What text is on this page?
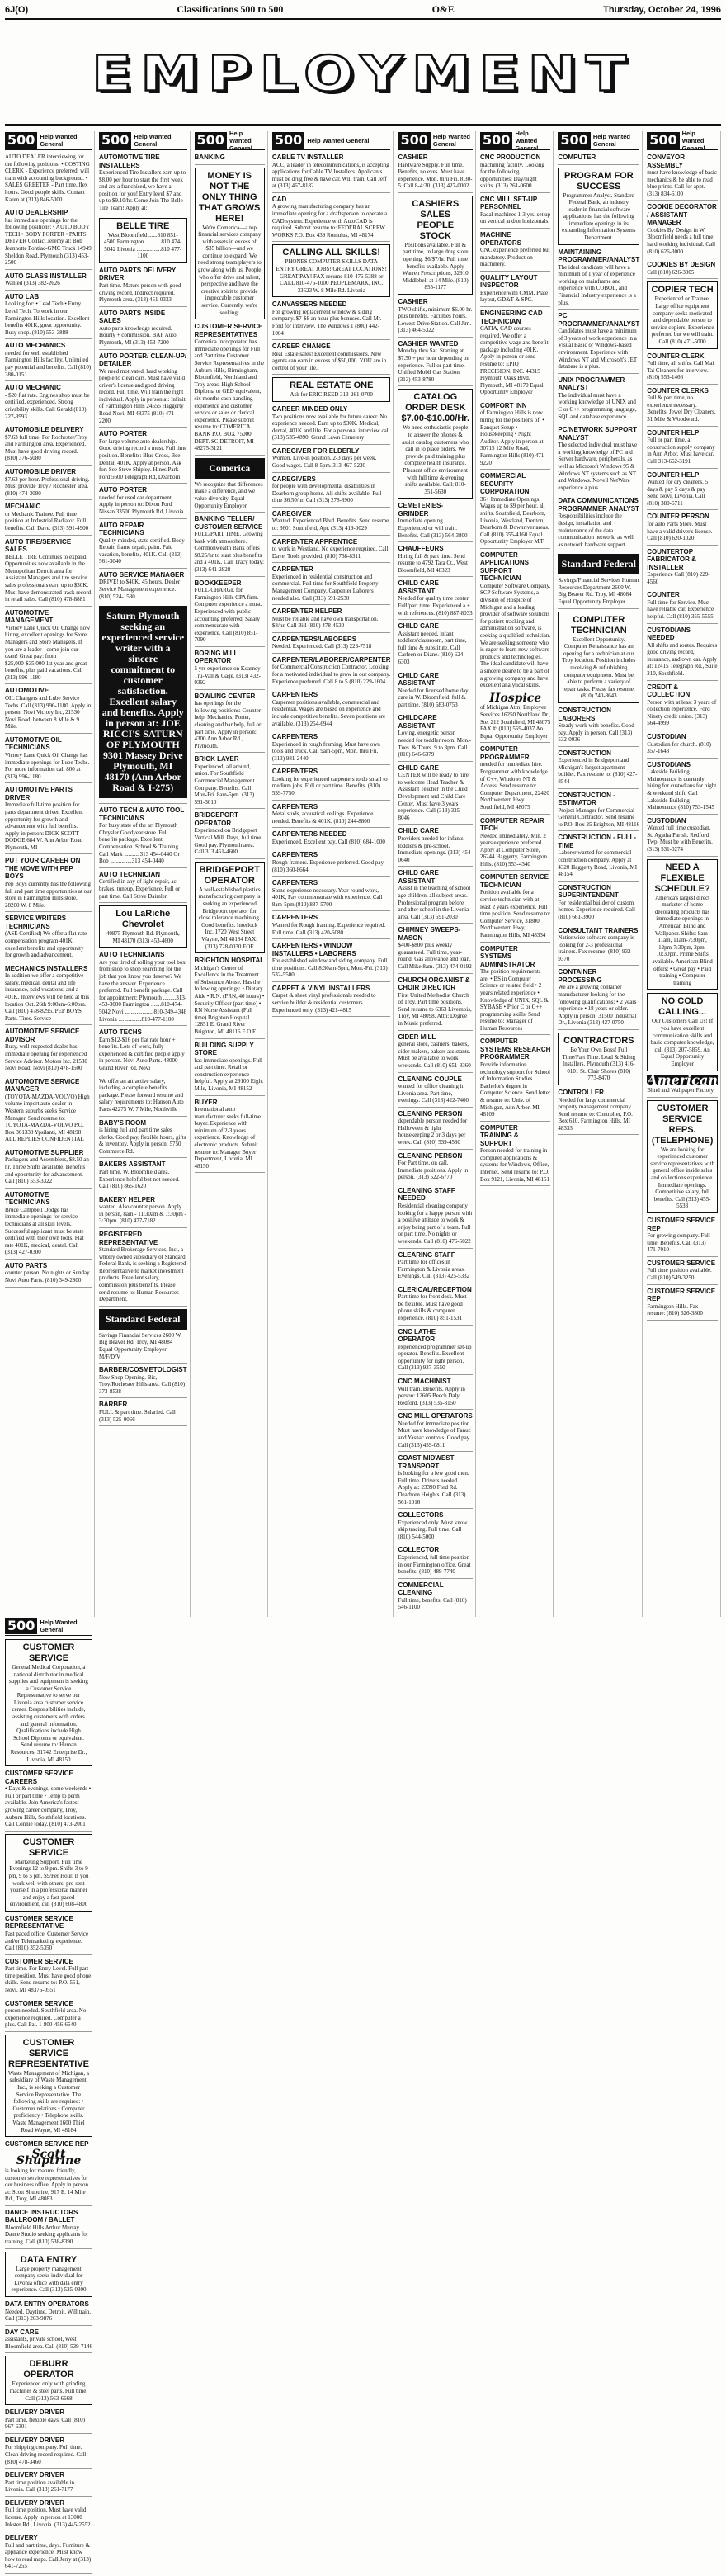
6J(O)	Classifications 500 to 500	O&E	Thursday, October 24, 1996
EMPLOYMENT
500 Help Wanted General
AUTO DEALER interviewing for the following positions: • COSTING CLERK - Experience preferred, will train with accounting background. • SALES GREETER - Part time, flex hours. Good people skills. Contact Karen at (313) 846-5000
AUTO DEALERSHIP
has immediate openings for the following positions: • AUTO BODY TECH • BODY PORTER • PARTS DRIVER Contact Jeremy at: Bob Jeannotte Pontiac-GMC Truck 14949 Sheldon Road, Plymouth (313) 453-2500
AUTO GLASS INSTALLER
Wanted (313) 382-2626
AUTO LAB
Looking for: • Lead Tech • Entry Level Tech. To work in our Farmington Hills location. Excellent benefits 401K, great opportunity. Busy shop. (810) 553-3888
AUTO MECHANICS
needed for well established Farmington Hills facility. Unlimited pay potential and benefits. Call (810) 380-0151
AUTO MECHANIC
- $20 flat rate. Engines shop must be certified, experienced. Strong drivability skills. Call Gerald (810) 227-3993
AUTOMOBILE DELIVERY
$7.63 full time. For Rochester/Troy and Farmington area. Experienced. Must have good driving record. (810) 376-5080
AUTOMOBILE DRIVER
$7.63 per hour. Professional driving. Must provide Troy / Rochester area. (810) 474-3080
MECHANIC
or Mechanic Trainee. Full time position at Industrial Radiator. Full benefits. Call Dave. (313) 591-4900
AUTO TIRE/SERVICE SALES
BELLE TIRE Continues to expand. Opportunities now available in the Metropolitan Detroit area for Assistant Managers and tire service sales professionals earn up to $30K. Must have demonstrated track record in retail sales. Call (810) 478-8881
AUTOMOTIVE MANAGEMENT
Victory Lane Quick Oil Change now hiring, excellent openings for Store Managers and Store Managers. If you are a leader - come join our team! Great pay: from $25,000-$35,000 1st year and great benefits, plus paid vacations. Call (313) 996-1180
AUTOMOTIVE
OIL Changers and Lube Service Techs. Call (313) 996-1180. Apply in person: Novi Victory Inc, 21530 Novi Road, between 8 Mile & 9 Mile.
AUTOMOTIVE OIL TECHNICIANS
Victory Lane Quick Oil Change has immediate openings for Lube Techs. For more information call 800 at (313) 996-1180
AUTOMOTIVE PARTS DRIVER
Immediate full-time position for parts department driver. Excellent opportunity for growth and advancement with full benefits. Apply in person: DICK SCOTT DODGE 684 W. Ann Arbor Road Plymouth, MI
PUT YOUR CAREER ON THE MOVE WITH PEP BOYS
Pep Boys currently has the following full and part time opportunities at our store in Farmington Hills store, 28200 W. 8 Mile.
SERVICE WRITERS TECHNICIANS
(ASE Certified) We offer a flat-rate compensation program 401K, excellent benefits and opportunity for growth and advancement.
MECHANICS INSTALLERS
In addition we offer a competitive salary, medical, dental and life insurance, paid vacations, and a 401K. Interviews will be held at this location Oct. 26th 9:00am-6:00pm. Call (810) 478-8295. PEP BOYS Parts. Tires. Service
AUTOMOTIVE SERVICE ADVISOR
Busy, well respected dealer has immediate opening for experienced Service Advisor. Motors Inc. 21530 Novi Road, Novi (810) 478-1500
AUTOMOTIVE SERVICE MANAGER
(TOYOTA-MAZDA-VOLVO) High volume import auto dealer in Western suburbs seeks Service Manager. Send resume to: TOYOTA-MAZDA-VOLVO P.O. Box 361338 Ypsilanti, MI 48198 ALL REPLIES CONFIDENTIAL
AUTOMOTIVE SUPPLIER
Packagers and Assemblers, $8.50 an hr. Three Shifts available. Benefits and opportunity for advancement. Call (810) 553-3322
AUTOMOTIVE TECHNICIANS
Bruce Campbell Dodge has immediate openings for service technicians at all skill levels. Successful applicant must be state certified with their own tools. Flat rate 401K, medical, dental. Call (313) 427-0300
AUTO PARTS
counter person. No nights or Sunday. Novi Auto Parts. (810) 349-2800
500 Help Wanted General
AUTOMOTIVE TIRE INSTALLERS
Experienced Tire Installers earn up to $8.00 per hour to start the first week and are a franchised, we have a position for you! Entry level $7 and up to $9.10/hr. Come Join The Belle Tire Team! Apply at:
BELLE TIRE
West Bloomfield ......810 851-4500 Farmington ...........810 474-5042 Livonia .................810 477-1100
AUTO PARTS DELIVERY DRIVER
Part time. Mature person with good driving record. Indirect required. Plymouth area. (313) 451-0333
AUTO PARTS INSIDE SALES
Auto parts knowledge required. Hourly + commission. BAF Auto, Plymouth, MI (313) 453-7200
AUTO PORTER/ CLEAN-UP/ DETAILER
We need motivated, hard working people to clean cars. Must have valid driver's license and good driving record. Full time. Will train the right individual. Apply in person at: Infiniti of Farmington Hills 24555 Haggerty Road Novi, MI 48375 (810) 471-2200
AUTO PORTER
For large volume auto dealership. Good driving record a must. Full time position. Benefits: Blue Cross, Bee Dental, 401K. Apply at person. Ask for: See Steve Shipley. Hines Park Ford 5600 Telegraph Rd, Dearborn
AUTO PORTER
needed for used car department. Apply in person to: Dixon Ford Nissan 33500 Plymouth Rd, Livonia
AUTO REPAIR TECHNICIANS
Quality minded, state certified. Body Repair, frame repair, paint. Paid vacation, benefits, 401K. Call (313) 561-3040
AUTO SERVICE MANAGER
DRIVE! to $40K, 45 hours. Dealer Service Management experience. (810) 524-1530
Saturn Plymouth seeking an experienced service writer with a sincere commitment to customer satisfaction. Excellent salary and benefits. Apply in person at: JOE RICCI'S SATURN OF PLYMOUTH 9301 Massey Drive Plymouth, MI 48170 (Ann Arbor Road & I-275)
AUTO TECH & AUTO TOOL TECHNICIANS
For busy state of the art Plymouth Chrysler Goodyear store. Full benefits package. Excellent Compensation. School & Training. Call Mark ...........313 454-0440 Or Bob ...............313 454-0440
AUTO TECHNICIAN
Certified in any of light repair, ac, brakes, tuneup. Experience. Full or part time. Call Steve Daimler
Lou LaRiche Chevrolet
40875 Plymouth Rd. Plymouth, MI 48170 (313) 453-4600
AUTO TECHNICIANS
Are you tired of rolling your tool box from shop to shop searching for the job that you know you deserve? We have the answer. Experience preferred. Full benefit package. Call for appointment: Plymouth .........313-453-3000 Farmington .......810-474-5042 Novi ....................810-349-4348 Livonia ................810-477-1100
AUTO TECHS
Earn $12-$16 per flat rate hour + benefits. Lots of work, fully experienced & certified people apply in person. Novi Auto Parts. 48000 Grand River Rd. Novi
We offer an attractive salary, including a complete benefits package. Please forward resume and salary requirements to: Hanson Auto Parts 42275 W. 7 Mile, Northville
BABY'S ROOM
is hiring full and part time sales clerks. Good pay, flexible hours, gifts & inventory. Apply in person: 5750 Commerce Rd.
BAKERS ASSISTANT
Part time. W. Bloomfield area. Experience helpful but not needed. Call (810) 865-1620
BAKERY HELPER
wanted. Also counter person. Apply in person, 8am - 11:30am & 1:30pm - 3:30pm. (810) 477-7182
REGISTERED REPRESENTATIVE
Standard Brokerage Services, Inc., a wholly owned subsidiary of Standard Federal Bank, is seeking a Registered Representative to market investment products. Excellent salary, commission plus benefits. Please send resume to: Human Resources Department.
Standard Federal
Savings Financial Services 2600 W. Big Beaver Rd. Troy, MI 48084 Equal Opportunity Employer M/F/D/V
BARBER/COSMETOLOGIST
New Shop Opening. Bic, Troy/Rochester Hills area. Call (810) 373-8538
BARBER
FULL & part time. Salaried. Call (313) 525-0066
500 Help Wanted General
BANKING
MONEY IS NOT THE ONLY THING THAT GROWS HERE!
We're Comerica—a top financial services company with assets in excess of $35 billion—and we continue to expand. We need strong team players to grow along with us. People who offer drive and talent, perspective and have the creative spirit to provide impeccable customer service. Currently, we're seeking:
CUSTOMER SERVICE REPRESENTATIVES
Comerica Incorporated has immediate openings for Full and Part time Customer Service Representatives in the Auburn Hills, Birmingham, Bloomfield, Northland and Troy areas. High School Diploma or GED equivalent, six months cash handling experience and customer service or sales or clerical experience. Please submit resume to: COMERICA BANK P.O. BOX 75000 DEPT. SC DETROIT, MI 48275-3121
Comerica
We recognize that differences make a difference, and we value diversity. Equal Opportunity Employer.
BANKING TELLER/ CUSTOMER SERVICE
FULL/PART TIME. Growing bank with atmosphere. Commonwealth Bank offers $8.25/hr to start plus benefits and a 401K. Call Tracy today: (313) 641-2828
BOOKKEEPER
FULL-CHARGE for Farmington Hills CPA firm. Computer experience a must. Experienced with public accounting preferred. Salary commensurate with experience. Call (810) 851-7090
BORING MILL OPERATOR
5 yrs experience on Kearney Tru-Vall & Gage. (313) 432-9392
BOWLING CENTER
has openings for the following positions: Counter help, Mechanics, Porter, cleaning and bar help, full or part time. Apply in person: 4300 Ann Arbor Rd., Plymouth.
BRICK LAYER
Experienced, all around, union. For Southfield Commercial Management Company. Benefits. Call Mon-Fri. 8am-5pm. (313) 591-3010
BRIDGEPORT OPERATOR
Experienced on Bridgeport Vertical Mill. Days, full time. Good pay. Plymouth area. Call 313 451-4600
BRIDGEPORT OPERATOR
A well-established plastics manufacturing company is seeking an experienced Bridgeport operator for close tolerance machining. Good benefits. Interlock Inc. 1720 West Street Wayne, MI 48184 FAX: (313) 728-0030 EOE
BRIGHTON HOSPITAL
Michigan's Center of Excellence in the Treatment of Substance Abuse. Has the following openings: • Dietary Aide • R.N. (PRN, 40 hours) • Security Officer (part time) • RN Nurse Assistant (Full time) Brighton Hospital 12851 E. Grand River Brighton, MI 48116 E.O.E.
BUILDING SUPPLY STORE
has immediate openings. Full and part time. Retail or construction experience helpful. Apply at 29100 Eight Mile, Livonia, MI 48152
BUYER
International auto manufacturer seeks full-time buyer. Experience with minimum of 2-3 years experience. Knowledge of electronic products. Submit resume to: Manager Buyer Department, Livonia, MI 48150
500 Help Wanted General
CABLE TV INSTALLER
ACC, a leader in telecommunications, is accepting applications for Cable TV Installers. Applicants must be drug free & have car. Will train. Call Jeff at (313) 467-8182
CAD
A growing manufacturing company has an immediate opening for a draftsperson to operate a CAD system. Experience with AutoCAD is required. Submit resume to: FEDERAL SCREW WORKS P.O. Box 439 Romulus, MI 48174
CALLING ALL SKILLS!
PHONES COMPUTER SKILLS DATA ENTRY GREAT JOBS! GREAT LOCATIONS! GREAT PAY! FAX resume 810-476-5388 or CALL 810-476-1000 PEOPLEMARK, INC. 33523 W. 8 Mile Rd. Livonia
CANVASSERS NEEDED
For growing replacement window & siding company. $7-$8 an hour plus bonuses. Call Mr. Ford for interview. The Windows 1 (800) 442-1004
CAREER CHANGE
Real Estate sales! Excellent commissions. New agents can earn in excess of $50,000. YOU are in control of your life.
REAL ESTATE ONE
Ask for ERIC REED 313-261-0700
CAREER MINDED ONLY
Two positions now available for future career. No experience needed. Earn up to $30K. Medical, dental, 401K and life. For a personal interview call (313) 535-4890, Grand Lawn Cemetery
CAREGIVER FOR ELDERLY
Women. Live-in position. 2-3 days per week. Good wages. Call 8-5pm. 313-467-5230
CAREGIVERS
for people with developmental disabilities in Dearborn group home. All shifts available. Full time $6.50/hr. Call (313) 278-8900
CAREGIVER
Wanted. Experienced Blvd. Benefits. Send resume to: 3601 Southfield, Apt. (313) 419-0029
CARPENTER APPRENTICE
to work in Westland. No experience required. Call Dave. Tools provided. (810) 768-8311
CARPENTER
Experienced in residential construction and commercial. Full time for Southfield Property Management Company. Carpenter Laborers needed also. Call (313) 591-2530
CARPENTER HELPER
Must be reliable and have own transportation. $8/hr. Call Bill (810) 478-4530
CARPENTERS/LABORERS
Needed. Experienced. Call (313) 223-7518
CARPENTER/LABORER/CARPENTER
for Commercial Construction Contractor. Looking for a motivated individual to grow in our company. Experience preferred. Call 8 to 5 (810) 229-1604
CARPENTERS
Carpenter positions available, commercial and residential. Wages are based on experience and include competitive benefits. Seven positions are available. (313) 254-6944
CARPENTERS
Experienced in rough framing. Must have own tools and truck. Call 9am-5pm, Mon. thru Fri. (313) 981-2440
CARPENTERS
Looking for experienced carpenters to do small to medium jobs. Full or part time. Benefits. (810) 539-7750
CARPENTERS
Metal studs, acoustical ceilings. Experience needed. Benefits & 401K. (810) 244-8800
CARPENTERS NEEDED
Experienced. Excellent pay. Call (810) 684-1000
CARPENTERS
Rough framers. Experience preferred. Good pay. (810) 360-8664
CARPENTERS
Some experience necessary. Year-round work, 401K, Pay commensurate with experience. Call 8am-5pm (810) 887-5700
CARPENTERS
Wanted for Rough framing. Experience required. Full time. Call (313) 420-6080
CARPENTERS • WINDOW INSTALLERS • LABORERS
For established window and siding company. Full time positions. Call 8:30am-5pm, Mon.-Fri. (313) 532-5500
CARPET & VINYL INSTALLERS
Carpet & sheet vinyl professionals needed to service builder & residential customers. Experienced only. (313) 421-4815
500 Help Wanted General
CASHIER
Hardware Supply. Full time. Benefits, no eves. Must have experience. Mon. thru Fri. 8:30-5. Call 8-4:30. (313) 427-0002
CASHIERS SALES PEOPLE STOCK
Positions available. Full & part time, in large drug store opening. $6/$7/hr. Full time benefits available. Apply Warren Prescriptions, 32910 Middlebelt at 14 Mile. (810) 855-1177
CASHIER
TWO shifts, minimum $6.00 hr. plus benefits. Faculties hours. Lowest Drive Station. Call Jim. (313) 464-5322
CASHIER WANTED
Monday thru Sat. Starting at $7.50 + per hour depending on experience. Full or part time. Unified Mobil Gas Station. (313) 453-8780
CATALOG ORDER DESK $7.00-$10.00/Hr.
We need enthusiastic people to answer the phones & assist catalog customers who call in to place orders. We provide paid training plus complete health insurance. Pleasant office environment with full time & evening shifts available. Call: 810-351-5630
CEMETERIES-GRINDER
Immediate opening. Experienced or will train. Benefits. Call (313) 564-3800
CHAUFFEURS
Hiring full & part time. Send resume to 4792 Tara Ct., West Bloomfield, MI 48323
CHILD CARE ASSISTANT
Needed for quality time center. Full/part time. Experienced a + with references. (810) 887-8033
CHILD CARE
Assistant needed, infant toddlers/classroom, part time, full time & substitute. Call Carleen or Diane. (810) 624-6303
CHILD CARE ASSISTANT
Needed for licensed home day care in W. Bloomfield. full & part time. (810) 683-0753
CHILDCARE ASSISTANT
Loving, energetic person needed for toddler room. Mon.-Tues. & Thurs. 9 to 3pm. Call (810) 646-6379
CHILD CARE
CENTER will be ready to hire to welcome Head Teacher & Assistant Teacher in the Child Development and Child Care Center. Must have 3 years experience. Call (313) 325-8046
CHILD CARE
Providers needed for infants, toddlers & pre-school. Immediate openings. (313) 454-0640
CHILD CARE ASSISTANT
Assist in the teaching of school age children, all subject areas. Professional program before and after school in the Livonia area. Call (313) 591-2030
CHIMNEY SWEEPS-MASON
$400-$800 plus weekly guaranteed. Full time, year-round. Gas allowance and loan. Call Mike 8am. (313) 474-0192
CHURCH ORGANIST & CHOIR DIRECTOR
First United Methodist Church of Troy. Part time positions. Send resume to 6363 Livernois, Troy, MI 48098. Attn: Degree in Music preferred.
CIDER MILL
general store, cashiers, bakers, cider makers, bakers assistants. Must be available to work weekends. Call (810) 651-8360
CLEANING COUPLE
wanted for office cleaning in Livonia area. Part time, evenings. Call (313) 422-7400
CLEANING PERSON
dependable person needed for Halloween & light housekeeping 2 or 3 days per week. Call (810) 539-4580
CLEANING PERSON
For Part time, on call. Immediate positions. Apply in person. (313) 522-6770
CLEANING STAFF NEEDED
Residential cleaning company looking for a happy person with a positive attitude to work & enjoy being part of a team. Full or part time. No nights or weekends. Call (810) 476-5022
CLEARING STAFF
Part time for offices in Farmington & Livonia areas. Evenings. Call (313) 425-5332
CLERICAL/RECEPTION
Part time for front desk. Must be flexible. Must have good phone skills & computer experience. (810) 851-1531
CNC LATHE OPERATOR
experienced programmer set-up operator. Benefits. Excellent opportunity for right person. Call (313) 937-3550
CNC MACHINIST
Will train. Benefits. Apply in person: 12605 Beech Daly, Redford. (313) 535-3150
CNC MILL OPERATORS
Needed for immediate position. Must have knowledge of Fanuc and Yasnac controls. Good pay. Call (313) 459-0811
COAST MIDWEST TRANSPORT
is looking for a few good men. Full time. Drivers needed. Apply at: 23390 Ford Rd. Dearborn Heights. Call (313) 561-1016
COLLECTORS
Experienced only. Must know skip tracing. Full time. Call (810) 544-5000
COLLECTOR
Experienced, full time position in our Farmington office. Great benefits. (810) 489-7740
COMMERCIAL CLEANING
Full time, benefits. Call (810) 546-1100
500 Help Wanted General
CNC PRODUCTION
machining facility. Looking for the following opportunities: Day/night shifts. (313) 261-0600
CNC MILL SET-UP PERSONNEL
Fadal machines 1-3 yrs. set up on vertical and/or horizontals.
MACHINE OPERATORS
CNC experience preferred but mandatory. Production machinery.
QUALITY LAYOUT INSPECTOR
Experience with CMM, Plate layout, GD&T & SPC.
ENGINEERING CAD TECHNICIAN
CATIA, CAD courses required. We offer a competitive wage and benefit package including 401K. Apply in person or send resume to: EPIQ PRECISION, INC. 44315 Plymouth Oaks Blvd. Plymouth, MI 48170 Equal Opportunity Employer
COMFORT INN
of Farmington Hills is now hiring for the positions of: • Banquet Setup • Housekeeping • Night Auditor. Apply in person at: 30715 12 Mile Road, Farmington Hills (810) 471-9220
COMMERCIAL SECURITY CORPORATION
36+ Immediate Openings. Wages up to $9 per hour, all shifts. Southfield, Dearborn, Livonia, Westland, Trenton, Dearborn & Downriver areas. Call (810) 355-4160 Equal Opportunity Employer M/F
COMPUTER APPLICATIONS SUPPORT TECHNICIAN
Computer Software Company. SCP Software Systems, a division of Hospice of Michigan and a leading provider of software solutions for patient tracking and administration software, is seeking a qualified technician. We are seeking someone who is eager to learn new software products and technologies. The ideal candidate will have a sincere desire to be a part of a growing company and have excellent analytical skills.
Hospice
of Michigan Attn: Employee Services 16250 Northland Dr., Ste. 212 Southfield, MI 48075 FAX #: (810) 559-4037 An Equal Opportunity Employer
COMPUTER PROGRAMMER
needed for immediate hire. Programmer with knowledge of C++, Windows NT & Access. Send resume to: Computer Department, 22420 Northwestern Hwy. Southfield, MI 48075
COMPUTER REPAIR TECH
Needed immediately. Min. 2 years experience preferred. Apply at Computer Store, 26244 Haggerty, Farmington Hills. (810) 553-4340
COMPUTER SERVICE TECHNICIAN
Position available for a service technician with at least 2 years experience. Full time position. Send resume to: Computer Service, 31800 Northwestern Hwy, Farmington Hills, MI 48334
COMPUTER SYSTEMS ADMINISTRATOR
The position requirements are: • BS in Computer Science or related field • 2 years related experience • Knowledge of UNIX, SQL & SYBASE • Prior C or C++ programming skills. Send resume to: Manager of Human Resources
COMPUTER SYSTEMS RESEARCH PROGRAMMER
Provide information technology support for School of Information Studies. Bachelor's degree in Computer Science. Send letter & resume to: Univ. of Michigan, Ann Arbor, MI 48109
COMPUTER TRAINING & SUPPORT
Person needed for training in computer applications & systems for Windows, Office, Internet. Send resume to: P.O. Box 9121, Livonia, MI 48151
500 Help Wanted General
COMPUTER
PROGRAM FOR SUCCESS
Programmer Analyst. Standard Federal Bank, an industry leader in financial software applications, has the following immediate openings in its expanding Information Systems Department.
MAINTAINING PROGRAMMER/ANALYST
The ideal candidate will have a minimum of 1 year of experience working on mainframe and experience with COBOL, and Financial Industry experience is a plus.
PC PROGRAMMER/ANALYST
Candidates must have a minimum of 3 years of work experience in a Visual Basic or Windows-based environment. Experience with Windows NT and Microsoft's JET database is a plus.
UNIX PROGRAMMER ANALYST
The individual must have a working knowledge of UNIX and C or C++ programming language, SQL and database experience.
PC/NETWORK SUPPORT ANALYST
The selected individual must have a working knowledge of PC and Server hardware, peripherals, as well as Microsoft Windows 95 & Windows NT systems such as NT and Windows. Novell NetWare experience a plus.
DATA COMMUNICATIONS PROGRAMMER ANALYST
Responsibilities include the design, installation and maintenance of the data communication network, as well as network hardware support.
Standard Federal
Savings/Financial Services Human Resources Department 2600 W. Big Beaver Rd. Troy, MI 48084 Equal Opportunity Employer
COMPUTER TECHNICIAN
Excellent Opportunity. Computer Renaissance has an opening for a technician at our Troy location. Position includes receiving & refurbishing computer equipment. Must be able to perform a variety of repair tasks. Please fax resume: (810) 740-8643
CONSTRUCTION LABORERS
Steady work with benefits. Good pay. Apply in person. Call (313) 532-0936
CONSTRUCTION
Experienced in Bridgeport and Michigan's largest apartment builder. Fax resume to: (810) 427-8544
CONSTRUCTION - ESTIMATOR
Project Manager for Commercial General Contractor. Send resume to P.O. Box 25 Brighton, MI 48116
CONSTRUCTION - FULL-TIME
Laborer wanted for commercial construction company. Apply at 4320 Haggerty Road, Livonia, MI 48154
CONSTRUCTION SUPERINTENDENT
For residential builder of custom homes. Experience required. Call (810) 661-3900
CONSULTANT TRAINERS
Nationwide software company is looking for 2-3 professional trainers. Fax resume: (810) 932-9370
CONTAINER PROCESSING
We are a growing container manufacturer looking for the following qualifications: • 2 years experience • 18 years or older. Apply in person: 31500 Industrial Dr., Livonia (313) 427-0750
CONTRACTORS
Be Your Own Boss! Full Time/Part Time. Lead & Siding Installers. Plymouth (313) 416-0101 St. Clair Shores (810) 773-8470
CONTROLLER
Needed for large commercial property management company. Send resume to: Controller, P.O. Box 610, Farmington Hills, MI 48333
500 Help Wanted General
CONVEYOR ASSEMBLY
must have knowledge of basic mechanics & be able to read blue prints. Call for appt. (313) 834-6100
COOKIE DECORATOR / ASSISTANT MANAGER
Cookies By Design in W. Bloomfield needs a full time hard working individual. Call (810) 626-3000
COOKIES BY DESIGN
Call (810) 626-3005
COPIER TECH
Experienced or Trainee. Large office equipment company seeks motivated and dependable person to service copiers. Experience preferred but we will train. Call (810) 471-5000
COUNTER CLERK
Full time, all shifts. Call Mai Tai Cleaners for interview. (810) 553-1466
COUNTER CLERKS
Full & part time, no experience necessary. Benefits, Jewel Dry Cleaners, 31 Mile & Woodward.
COUNTER HELP
Full or part time, at construction supply company in Ann Arbor. Must have car. Call 313-662-3191
COUNTER HELP
Wanted for dry cleaners. 5 days & pay 5 days & pay Send Novi, Livonia. Call (810) 380-6711
COUNTER PERSON
for auto Parts Store. Must have a valid driver's license. Call (810) 620-1020
COUNTERTOP FABRICATOR & INSTALLER
Experience Call (810) 229-4560
COUNTER
Full time for Service. Must have reliable car. Experience helpful. Call (810) 355-5555
CUSTODIANS NEEDED
All shifts and routes. Requires good driving record, insurance, and own car. Apply at: 12415 Telegraph Rd., Suite 210, Southfield.
CREDIT & COLLECTION
Person with at least 3 years of collection experience. Ford Ninety credit union. (313) 564-4999
CUSTODIAN
Custodian for church. (810) 357-1648
CUSTODIANS
Lakeside Building Maintenance is currently hiring for custodians for night & weekend shift. Call Lakeside Building Maintenance (810) 753-1545
CUSTODIAN
Wanted full time custodian. St. Agatha Parish. Redford Twp. Must be with Benefits. (313) 531-0274
NEED A FLEXIBLE SCHEDULE?
America's largest direct marketer of home decorating products has immediate openings in American Blind and Wallpaper. Shifts: 8am-11am, 11am-7:30pm, 12pm-7:30pm, 2pm-10:30pm. Prime Shifts available. American Blind offers: • Great pay • Paid training • Computer training
NO COLD CALLING...
Our Customers Call Us! If you have excellent communication skills and basic computer knowledge, call (313) 207-5859. An Equal Opportunity Employer
American
Blind and Wallpaper Factory
CUSTOMER SERVICE REPS. (TELEPHONE)
We are looking for experienced customer service representatives with general office inside sales and collections experience. Immediate openings. Competitive salary, full benefits. Call (313) 455-5533
CUSTOMER SERVICE REP
For growing company. Full time. Benefits. Call (313) 471-7010
CUSTOMER SERVICE
Full time position available. Call (810) 549-3250
CUSTOMER SERVICE REP
Farmington Hills. Fax resume: (810) 626-3800
500 Help Wanted General
CUSTOMER SERVICE
General Medical Corporation, a national distributor in medical supplies and equipment is seeking a Customer Service Representative to serve our Livonia area customer service center. Responsibilities include, assisting customers with orders and general information. Qualifications include High School Diploma or equivalent. Send resume to: Human Resources, 31742 Enterprise Dr., Livonia, MI 48150
CUSTOMER SERVICE CAREERS
• Days & evenings, some weekends • Full or part time • Temp to perm available. Join America's fastest growing career company, Troy, Auburn Hills, Southfield locations. Call Connie today. (810) 473-2001
CUSTOMER SERVICE
Marketing Support. Full time Evenings 12 to 9 pm. Shifts 3 to 9 pm, 9 to 5 pm. $9/Per Hour. If you work well with others, pre-sent yourself in a professional manner and enjoy a fast-paced environment, call (810) 608-4800
CUSTOMER SERVICE REPRESENTATIVE
Fast paced office. Customer Service and/or Telemarketing experience. Call (810) 352-5350
CUSTOMER SERVICE
Part time. For Entry Level. Full part time position. Must have good phone skills. Send resume to: P.O. 551, Novi, MI 48376-0551
CUSTOMER SERVICE
person needed. Southfield area. No experience required. Computer a plus. Call Pat. 1-800-456-6640
CUSTOMER SERVICE REPRESENTATIVE
Waste Management of Michigan, a subsidiary of Waste Management, Inc., is seeking a Customer Service Representative. The following skills are required: • Customer relations • Computer proficiency • Telephone skills. Waste Management 1600 Thiel Road Wayne, MI 48184
CUSTOMER SERVICE REP
Scott Shuptrine
is looking for mature, friendly, customer service representatives for our business office. Apply in person at: Scott Shuptrine, 917 E. 14 Mile Rd., Troy, MI 48083
DANCE INSTRUCTORS BALLROOM / BALLET
Bloomfield Hills Arthur Murray Dance Studio seeking applicants for training. Call (810) 538-8390
DATA ENTRY
Large property management company seeks individual for Livonia office with data entry experience. Call (313) 525-0300
DATA ENTRY OPERATORS
Needed. Daytime, Detroit. Will train. Call (313) 263-9876
DAY CARE
assistants, private school, West Bloomfield area. Call (810) 539-7146
DEBURR OPERATOR
Experienced only with grinding machines & steel parts. Full time. Call (313) 563-6668
DELIVERY DRIVER
Part time, flexible days. Call (810) 967-6301
DELIVERY DRIVER
For shipping company. Full time. Clean driving record required. Call (810) 478-3460
DELIVERY DRIVER
Part time position available in Livonia. Call (313) 261-7177
DELIVERY DRIVER
Full time position. Must have valid license. Apply in person at 13000 Inkster Rd., Livonia. (313) 445-2552
DELIVERY
Full and part time, days. Furniture & appliance experience. Must know how to read maps. Call Jerry at (313) 641-7255
